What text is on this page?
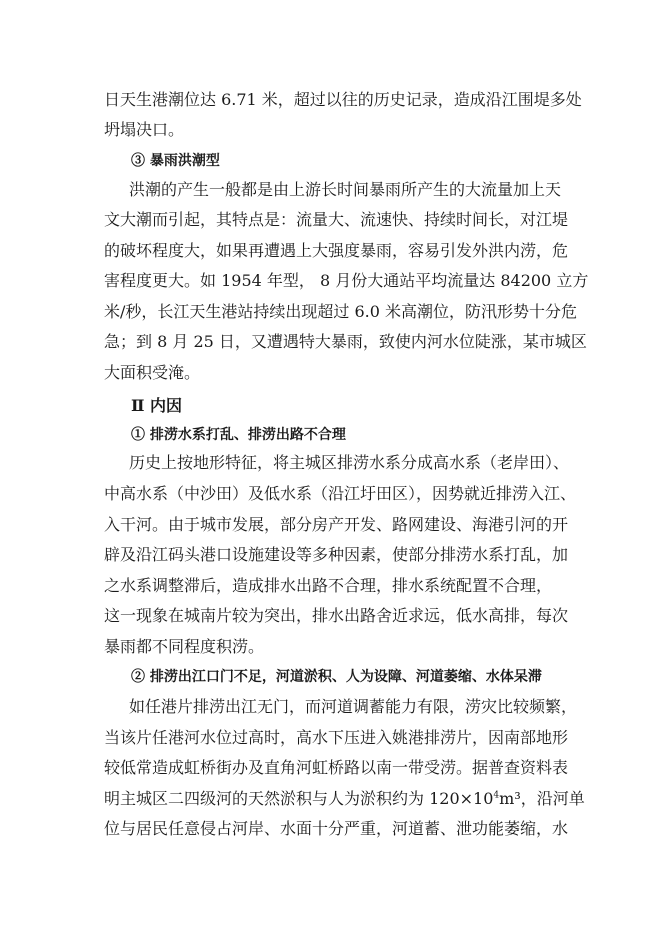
日天生港潮位达 6.71 米，超过以往的历史记录，造成沿江围堤多处
坍塌决口。
③ 暴雨洪潮型
洪潮的产生一般都是由上游长时间暴雨所产生的大流量加上天
文大潮而引起，其特点是：流量大、流速快、持续时间长，对江堤
的破坏程度大，如果再遭遇上大强度暴雨，容易引发外洪内涝，危
害程度更大。如 1954 年型， 8 月份大通站平均流量达 84200 立方
米/秒，长江天生港站持续出现超过 6.0 米高潮位，防汛形势十分危
急；到 8 月 25 日，又遭遇特大暴雨，致使内河水位陡涨，某市城区
大面积受淹。
Ⅱ 内因
① 排涝水系打乱、排涝出路不合理
历史上按地形特征，将主城区排涝水系分成高水系（老岸田）、
中高水系（中沙田）及低水系（沿江圩田区），因势就近排涝入江、
入干河。由于城市发展，部分房产开发、路网建设、海港引河的开
辟及沿江码头港口设施建设等多种因素，使部分排涝水系打乱，加
之水系调整滞后，造成排水出路不合理，排水系统配置不合理，
这一现象在城南片较为突出，排水出路舍近求远，低水高排，每次
暴雨都不同程度积涝。
② 排涝出江口门不足，河道淤积、人为设障、河道萎缩、水体呆滞
如任港片排涝出江无门，而河道调蓄能力有限，涝灾比较频繁，
当该片任港河水位过高时，高水下压进入姚港排涝片，因南部地形
较低常造成虹桥街办及直角河虹桥路以南一带受涝。据普查资料表
明主城区二四级河的天然淤积与人为淤积约为 $120\times 10^4m^3$，沿河单
位与居民任意侵占河岸、水面十分严重，河道蓄、泄功能萎缩，水
